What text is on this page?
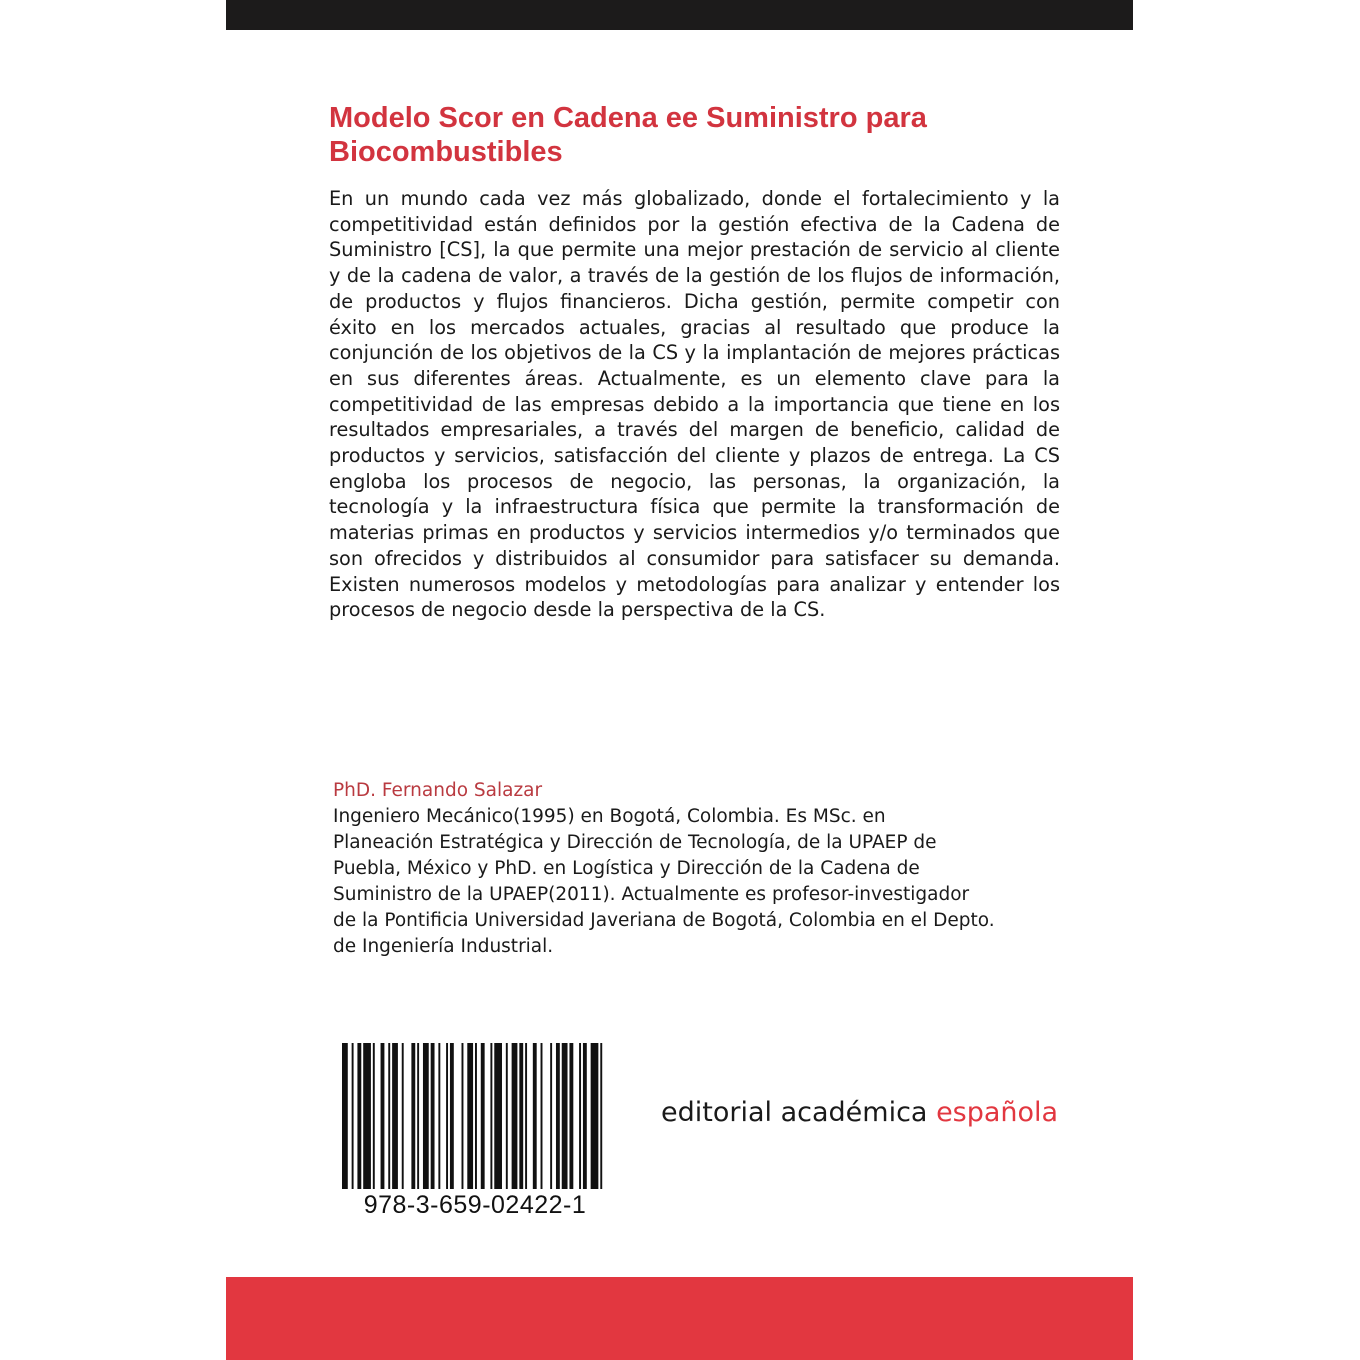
Modelo Scor en Cadena ee Suministro para Biocombustibles

En un mundo cada vez más globalizado, donde el fortalecimiento y la competitividad están definidos por la gestión efectiva de la Cadena de Suministro [CS], la que permite una mejor prestación de servicio al cliente y de la cadena de valor, a través de la gestión de los flujos de información, de productos y flujos financieros. Dicha gestión, permite competir con éxito en los mercados actuales, gracias al resultado que produce la conjunción de los objetivos de la CS y la implantación de mejores prácticas en sus diferentes áreas. Actualmente, es un elemento clave para la competitividad de las empresas debido a la importancia que tiene en los resultados empresariales, a través del margen de beneficio, calidad de productos y servicios, satisfacción del cliente y plazos de entrega. La CS engloba los procesos de negocio, las personas, la organización, la tecnología y la infraestructura física que permite la transformación de materias primas en productos y servicios intermedios y/o terminados que son ofrecidos y distribuidos al consumidor para satisfacer su demanda. Existen numerosos modelos y metodologías para analizar y entender los procesos de negocio desde la perspectiva de la CS.

PhD. Fernando Salazar

Ingeniero Mecánico(1995) en Bogotá, Colombia. Es MSc. en
Planeación Estratégica y Dirección de Tecnología, de la UPAEP de
Puebla, México y PhD. en Logística y Dirección de la Cadena de
Suministro de la UPAEP(2011). Actualmente es profesor-investigador
de la Pontificia Universidad Javeriana de Bogotá, Colombia en el Depto.
de Ingeniería Industrial.

978-3-659-02422-1

editorial académica española
